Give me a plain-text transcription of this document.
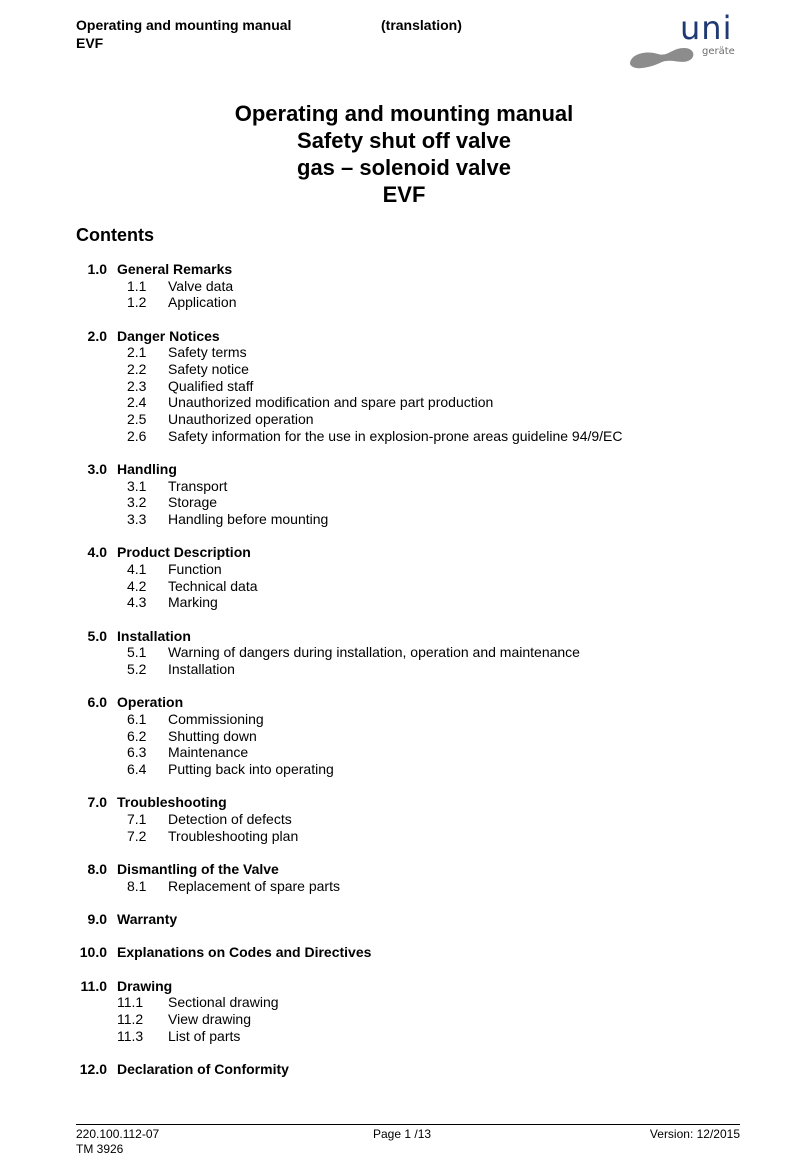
Operating and mounting manual
EVF
(translation)	uni
geräte
Operating and mounting manual
Safety shut off valve
gas – solenoid valve
EVF
Contents
1.0 General Remarks
1.1 Valve data
1.2 Application
2.0 Danger Notices
2.1 Safety terms
2.2 Safety notice
2.3 Qualified staff
2.4 Unauthorized modification and spare part production
2.5 Unauthorized operation
2.6 Safety information for the use in explosion-prone areas guideline 94/9/EC
3.0 Handling
3.1 Transport
3.2 Storage
3.3 Handling before mounting
4.0 Product Description
4.1 Function
4.2 Technical data
4.3 Marking
5.0 Installation
5.1 Warning of dangers during installation, operation and maintenance
5.2 Installation
6.0 Operation
6.1 Commissioning
6.2 Shutting down
6.3 Maintenance
6.4 Putting back into operating
7.0 Troubleshooting
7.1 Detection of defects
7.2 Troubleshooting plan
8.0 Dismantling of the Valve
8.1 Replacement of spare parts
9.0 Warranty
10.0 Explanations on Codes and Directives
11.0 Drawing
11.1 Sectional drawing
11.2 View drawing
11.3 List of parts
12.0 Declaration of Conformity
220.100.112-07
TM 3926
Page 1 /13	Version: 12/2015
